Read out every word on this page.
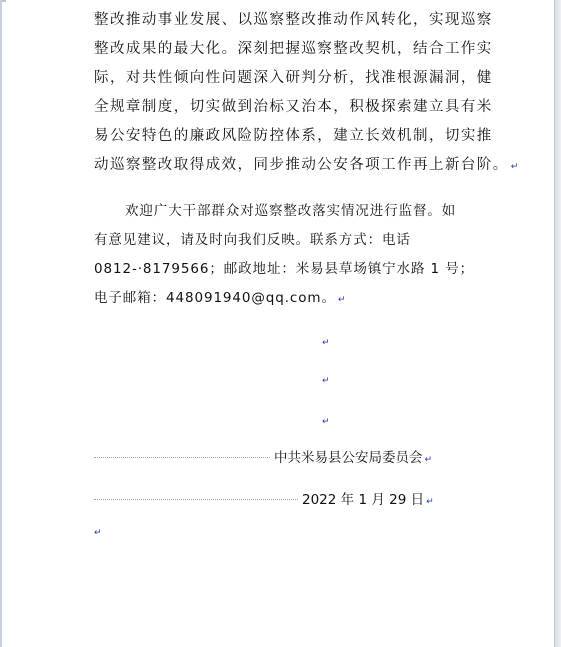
整改推动事业发展、以巡察整改推动作风转化，实现巡察
整改成果的最大化。深刻把握巡察整改契机，结合工作实
际，对共性倾向性问题深入研判分析，找准根源漏洞，健
全规章制度，切实做到治标又治本，积极探索建立具有米
易公安特色的廉政风险防控体系，建立长效机制，切实推
动巡察整改取得成效，同步推动公安各项工作再上新台阶。 ↵
欢迎广大干部群众对巡察整改落实情况进行监督。如
有意见建议，请及时向我们反映。联系方式：电话
0812-·8179566；邮政地址：米易县草场镇宁水路 1 号；
电子邮箱：448091940@qq.com。 ↵
↵
↵
↵
中共米易县公安局委员会 ↵
2022 年 1 月 29 日 ↵
↵
